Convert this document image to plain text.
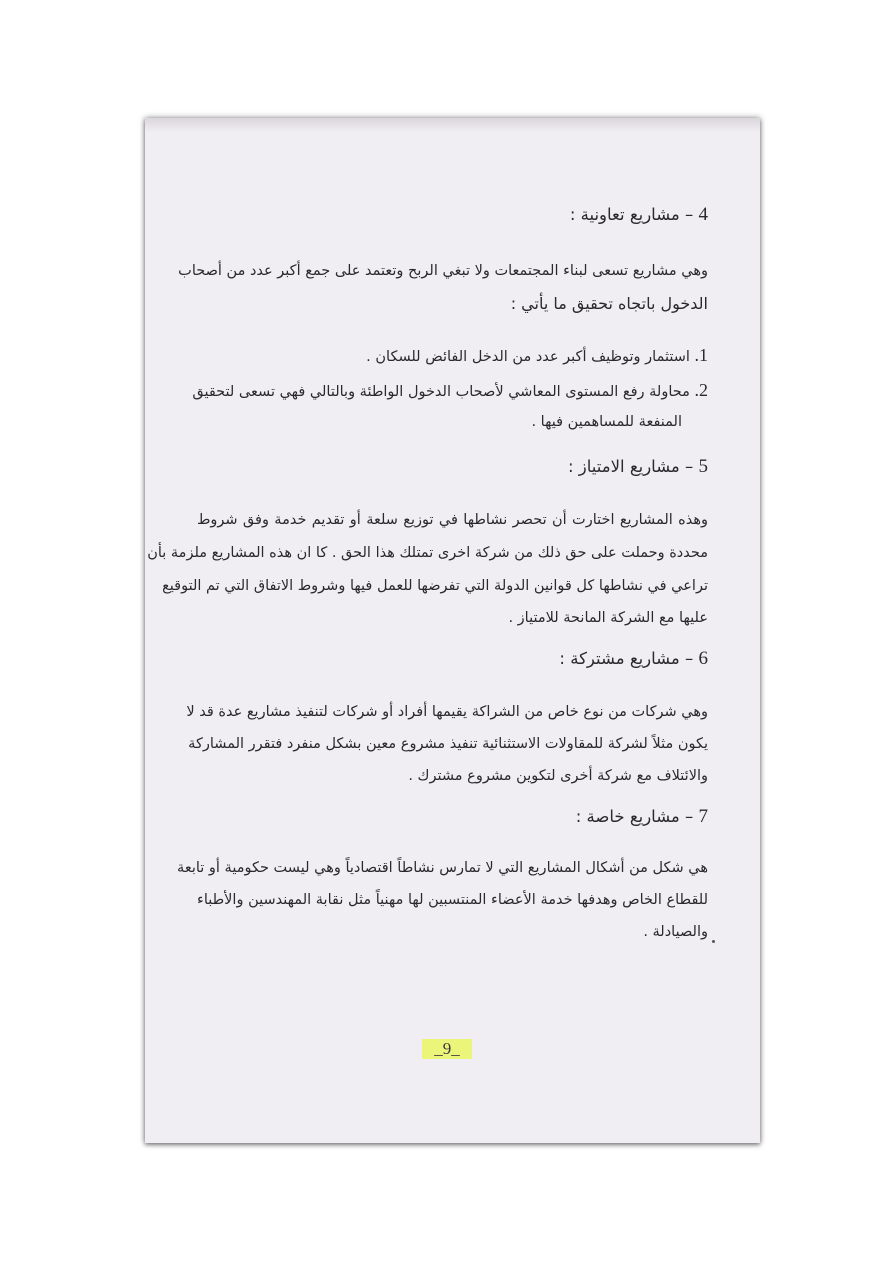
4 – مشاريع تعاونية :
وهي مشاريع تسعى لبناء المجتمعات ولا تبغي الربح وتعتمد على جمع أكبر عدد من أصحاب
الدخول باتجاه تحقيق ما يأتي :
1. استثمار وتوظيف أكبر عدد من الدخل الفائض للسكان .
2. محاولة رفع المستوى المعاشي لأصحاب الدخول الواطئة وبالتالي فهي تسعى لتحقيق
المنفعة للمساهمين فيها .
5 – مشاريع الامتياز :
وهذه المشاريع اختارت أن تحصر نشاطها في توزيع سلعة أو تقديم خدمة وفق شروط
محددة وحملت على حق ذلك من شركة اخرى تمتلك هذا الحق . كا ان هذه المشاريع ملزمة بأن
تراعي في نشاطها كل قوانين الدولة التي تفرضها للعمل فيها وشروط الاتفاق التي تم التوقيع
عليها مع الشركة المانحة للامتياز .
6 – مشاريع مشتركة :
وهي شركات من نوع خاص من الشراكة يقيمها أفراد أو شركات لتنفيذ مشاريع عدة قد لا
يكون مثلاً لشركة للمقاولات الاستثنائية تنفيذ مشروع معين بشكل منفرد فتقرر المشاركة
والائتلاف مع شركة أخرى لتكوين مشروع مشترك .
7 – مشاريع خاصة :
هي شكل من أشكال المشاريع التي لا تمارس نشاطاً اقتصادياً وهي ليست حكومية أو تابعة
للقطاع الخاص وهدفها خدمة الأعضاء المنتسبين لها مهنياً مثل نقابة المهندسين والأطباء
والصيادلة .
_9_
